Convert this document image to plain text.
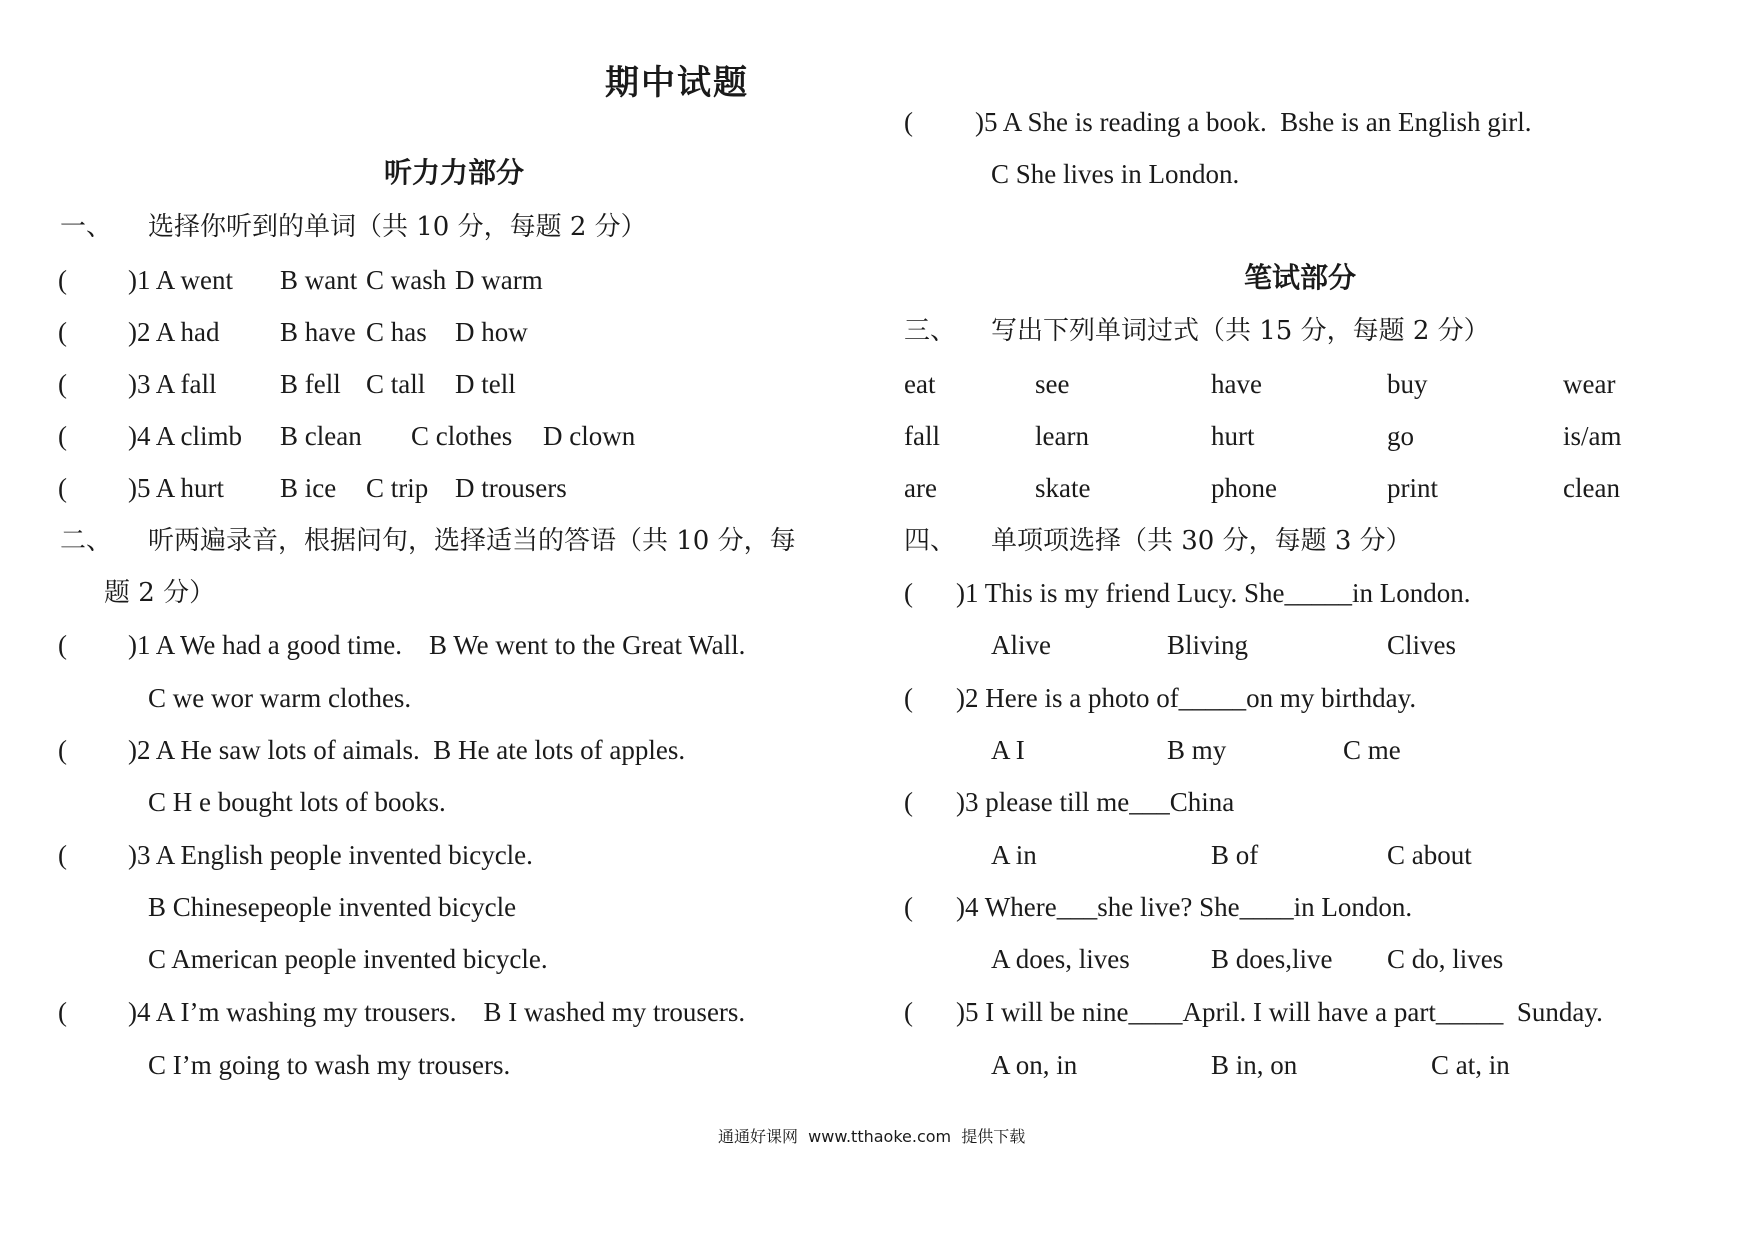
期中试题
听力力部分
一、 选择你听到的单词（共 10 分，每题 2 分）
( )1 A went B want C wash D warm
( )2 A had B have C has D how
( )3 A fall B fell C tall D tell
( )4 A climb B clean C clothes D clown
( )5 A hurt B ice C trip D trousers
二、 听两遍录音，根据问句，选择适当的答语（共 10 分，每
题 2 分）
( )1 A We had a good time.    B We went to the Great Wall.
C we wor warm clothes.
( )2 A He saw lots of aimals.  B He ate lots of apples.
C H e bought lots of books.
( )3 A English people invented bicycle.
B Chinesepeople invented bicycle
C American people invented bicycle.
( )4 A I’m washing my trousers.    B I washed my trousers.
C I’m going to wash my trousers.
( )5 A She is reading a book.  Bshe is an English girl.
C She lives in London.
笔试部分
三、 写出下列单词过式（共 15 分，每题 2 分）
eat	see	have	buy	wear
fall	learn	hurt	go	is/am
are	skate	phone	print	clean
四、 单项项选择（共 30 分，每题 3 分）
( )1 This is my friend Lucy. She_____in London.
Alive	Bliving	Clives
( )2 Here is a photo of_____on my birthday.
A I	B my	C me
( )3 please till me___China
A in	B of	C about
( )4 Where___she live? She____in London.
A does, lives	B does,live C do, lives
( )5 I will be nine____April. I will have a part_____  Sunday.
A on, in	B in, on	C at, in
通通好课网  www.tthaoke.com  提供下载
